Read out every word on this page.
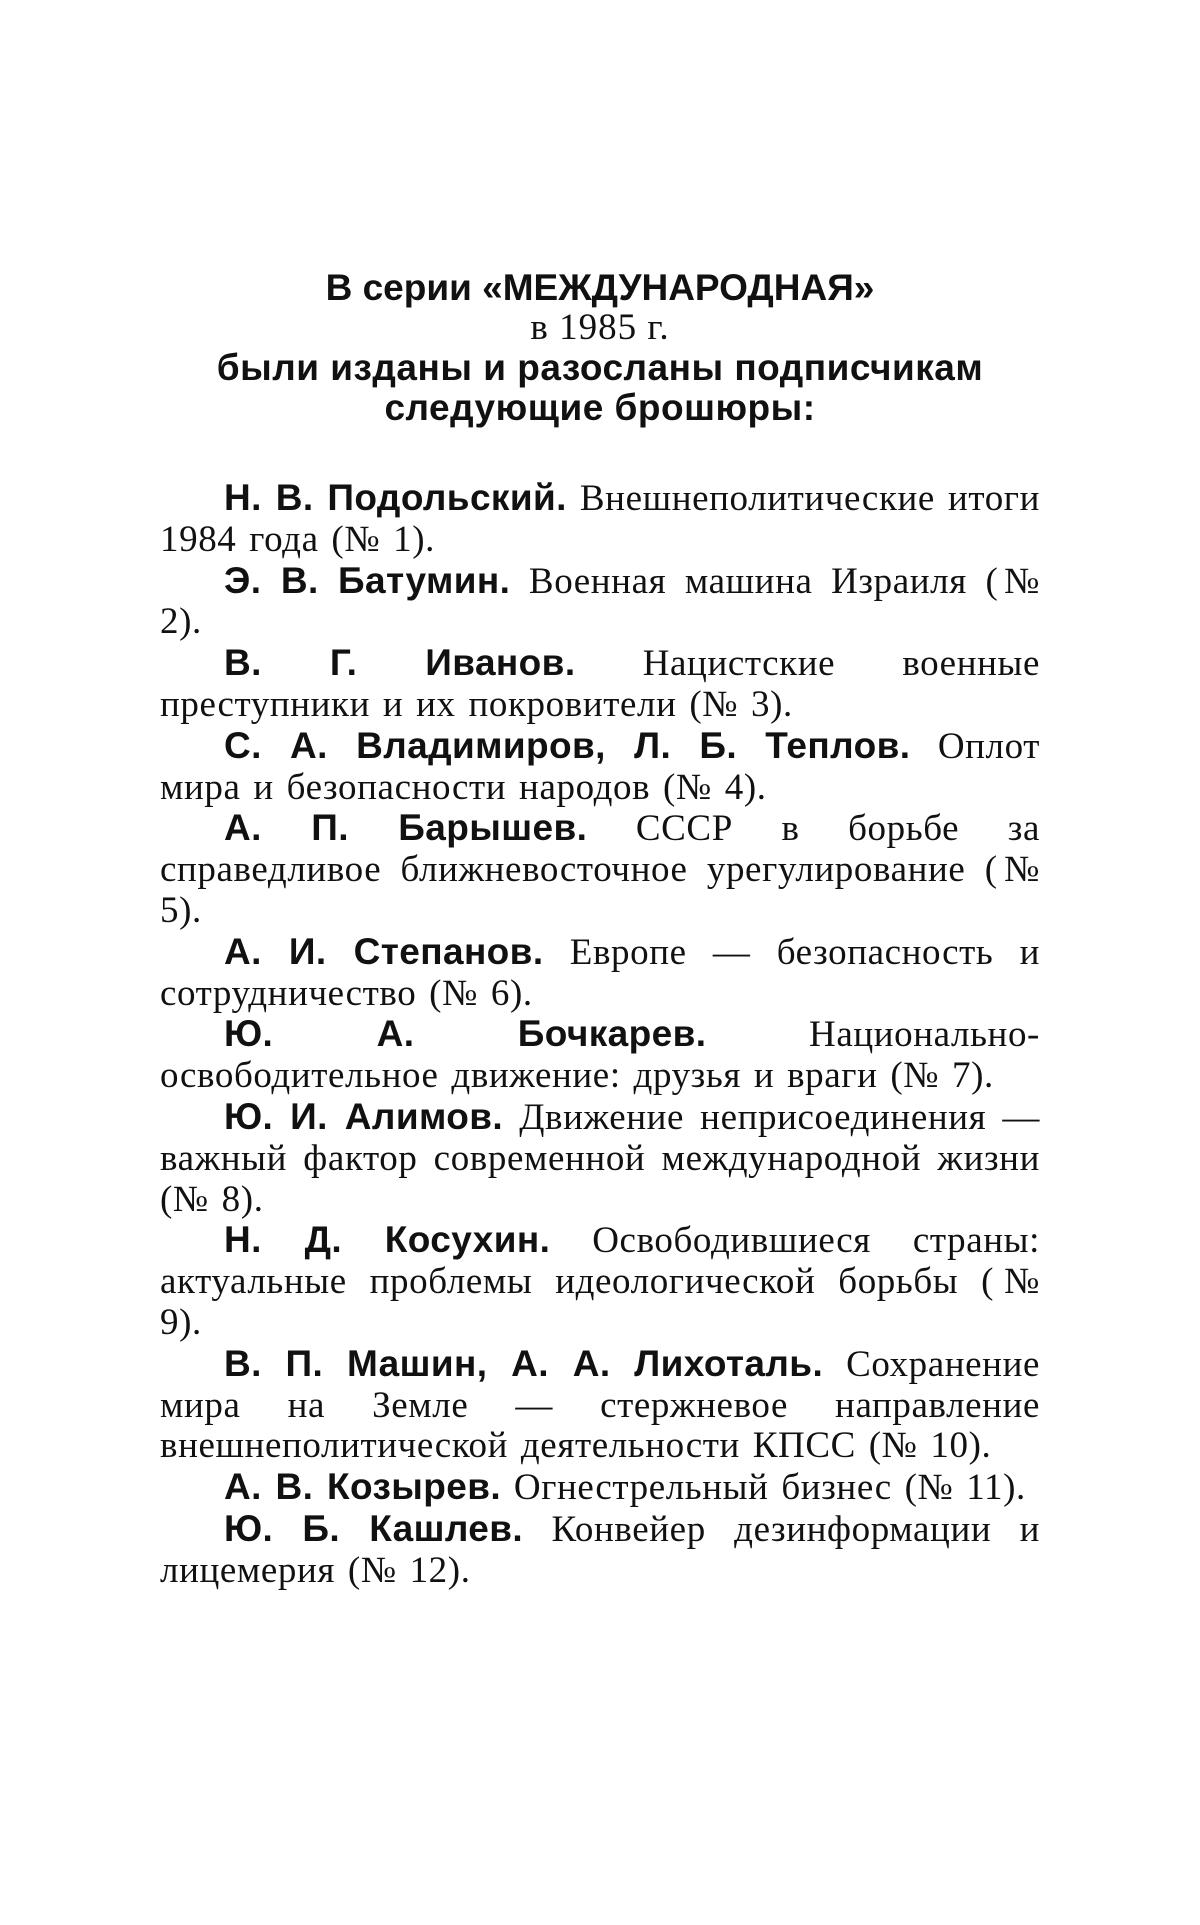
В серии «МЕЖДУНАРОДНАЯ»
в 1985 г.
были изданы и разосланы подписчикам
следующие брошюры:

Н. В. Подольский. Внешнеполитические итоги 1984 года (№ 1).

Э. В. Батумин. Военная машина Израиля (№ 2).

В. Г. Иванов. Нацистские военные преступники и их покровители (№ 3).

С. А. Владимиров, Л. Б. Теплов. Оплот мира и безопасности народов (№ 4).

А. П. Барышев. СССР в борьбе за справедливое ближневосточное урегулирование (№ 5).

А. И. Степанов. Европе — безопасность и сотрудничество (№ 6).

Ю. А. Бочкарев.	Национально-освободительное движение: друзья и враги (№ 7).

Ю. И. Алимов. Движение неприсоединения — важный фактор современной международной жизни (№ 8).

Н. Д. Косухин. Освободившиеся страны: актуальные проблемы идеологической борьбы (№ 9).

В. П. Машин, А. А. Лихоталь. Сохранение мира на Земле — стержневое направление внешнеполитической деятельности КПСС (№ 10).

А. В. Козырев. Огнестрельный бизнес (№ 11).

Ю. Б. Кашлев. Конвейер дезинформации и лицемерия (№ 12).
